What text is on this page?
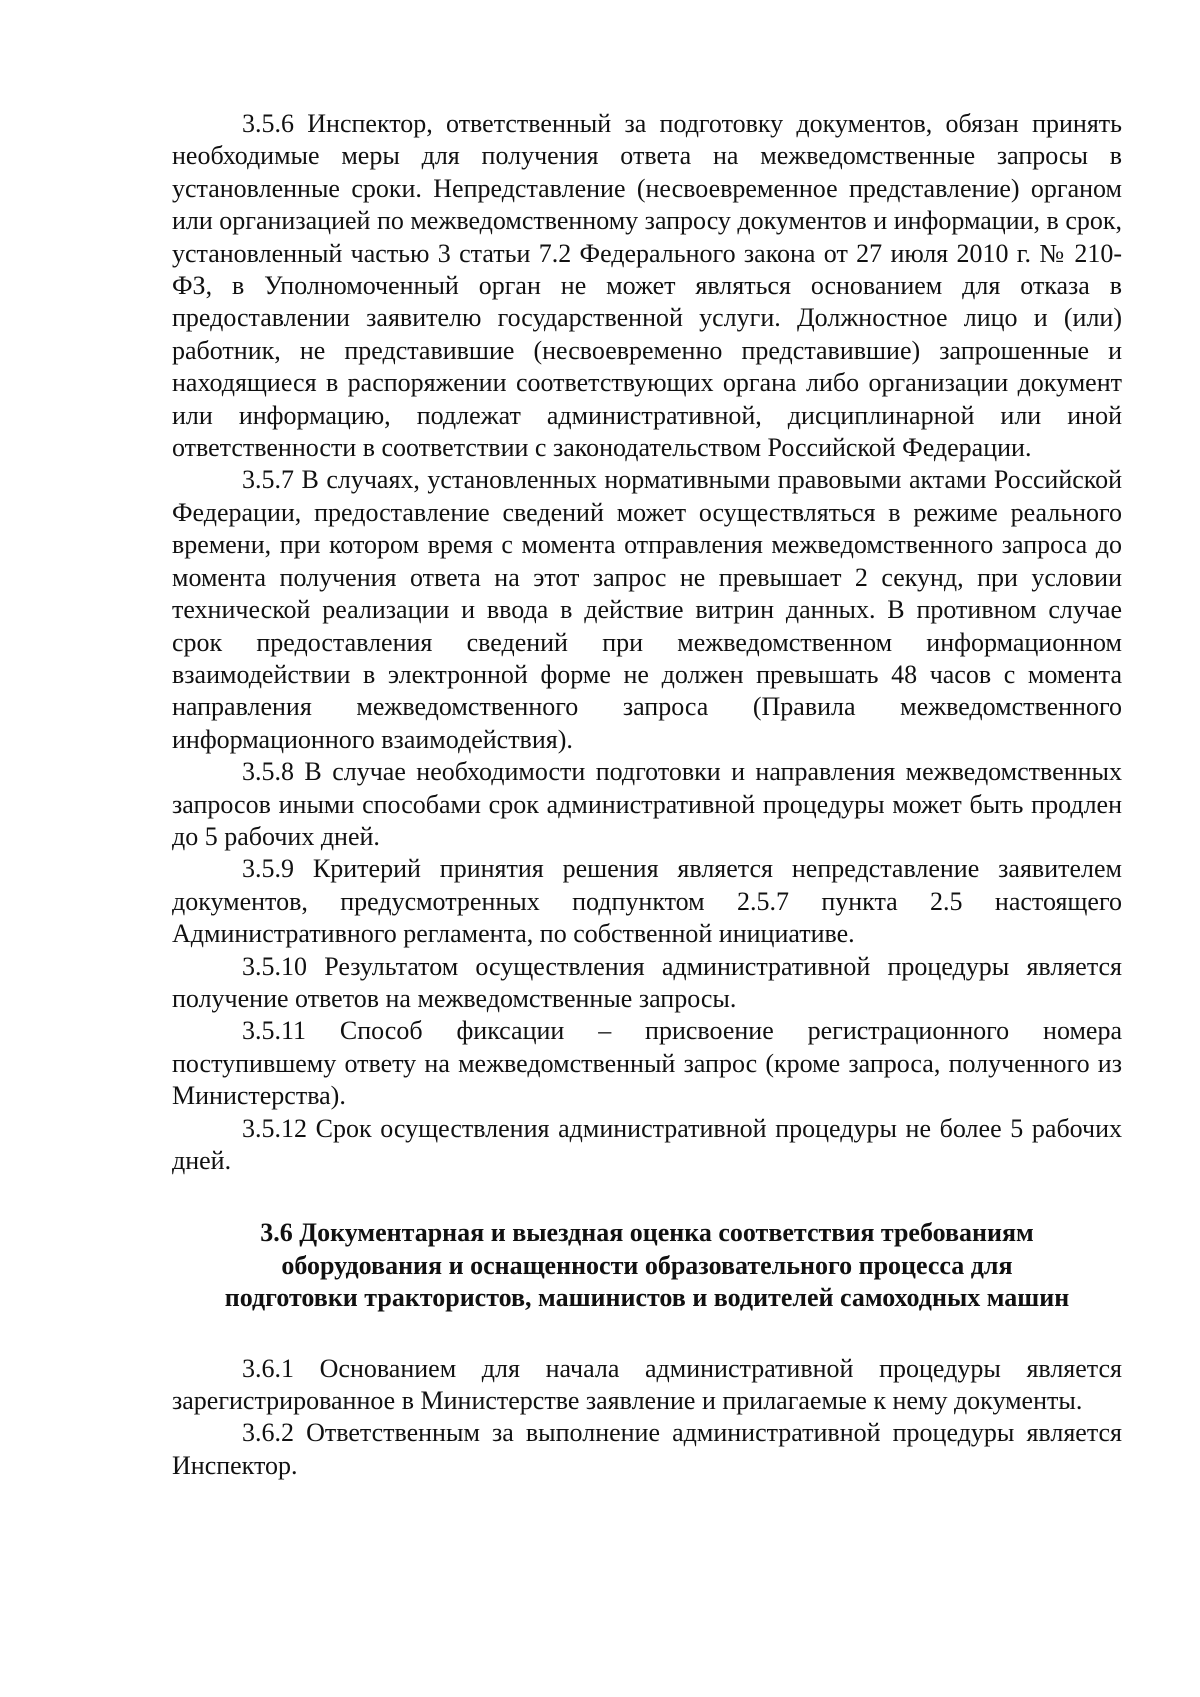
3.5.6 Инспектор, ответственный за подготовку документов, обязан принять необходимые меры для получения ответа на межведомственные запросы в установленные сроки. Непредставление (несвоевременное представление) органом или организацией по межведомственному запросу документов и информации, в срок, установленный частью 3 статьи 7.2 Федерального закона от 27 июля 2010 г. № 210-ФЗ, в Уполномоченный орган не может являться основанием для отказа в предоставлении заявителю государственной услуги. Должностное лицо и (или) работник, не представившие (несвоевременно представившие) запрошенные и находящиеся в распоряжении соответствующих органа либо организации документ или информацию, подлежат административной, дисциплинарной или иной ответственности в соответствии с законодательством Российской Федерации.

3.5.7 В случаях, установленных нормативными правовыми актами Российской Федерации, предоставление сведений может осуществляться в режиме реального времени, при котором время с момента отправления межведомственного запроса до момента получения ответа на этот запрос не превышает 2 секунд, при условии технической реализации и ввода в действие витрин данных. В противном случае срок предоставления сведений при межведомственном информационном взаимодействии в электронной форме не должен превышать 48 часов с момента направления межведомственного запроса (Правила межведомственного информационного взаимодействия).

3.5.8 В случае необходимости подготовки и направления межведомственных запросов иными способами срок административной процедуры может быть продлен до 5 рабочих дней.

3.5.9 Критерий принятия решения является непредставление заявителем документов, предусмотренных подпунктом 2.5.7 пункта 2.5 настоящего Административного регламента, по собственной инициативе.

3.5.10 Результатом осуществления административной процедуры является получение ответов на межведомственные запросы.

3.5.11 Способ фиксации – присвоение регистрационного номера поступившему ответу на межведомственный запрос (кроме запроса, полученного из Министерства).

3.5.12 Срок осуществления административной процедуры не более 5 рабочих дней.

3.6 Документарная и выездная оценка соответствия требованиям
оборудования и оснащенности образовательного процесса для
подготовки трактористов, машинистов и водителей самоходных машин

3.6.1 Основанием для начала административной процедуры является зарегистрированное в Министерстве заявление и прилагаемые к нему документы.

3.6.2 Ответственным за выполнение административной процедуры является Инспектор.
